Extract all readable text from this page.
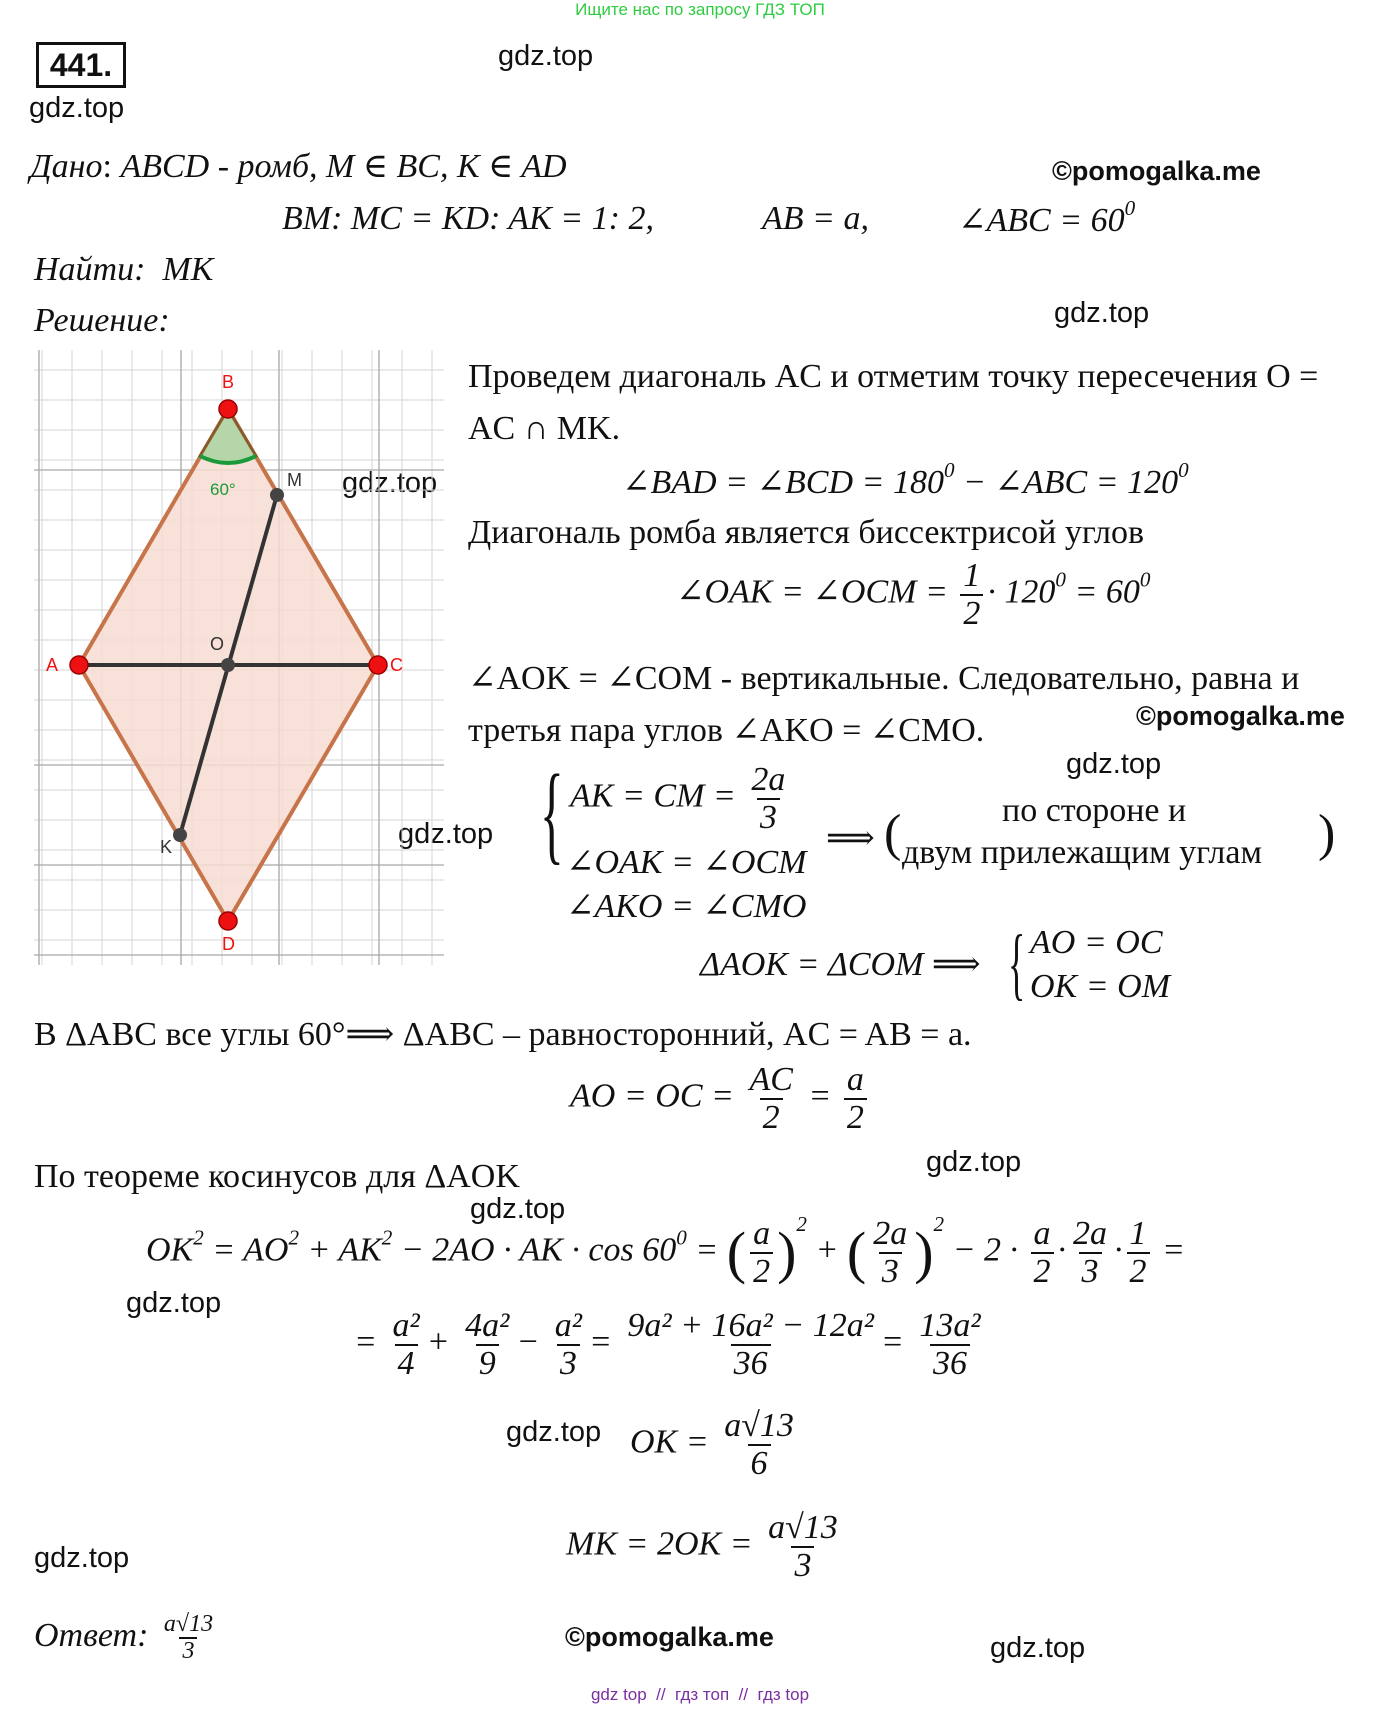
Ищите нас по запросу ГДЗ ТОП
441.	gdz.top
gdz.top
gdz.top
gdz.top
gdz.top
gdz.top
gdz.top
gdz.top
gdz.top
gdz.top
gdz.top
gdz.top
©pomogalka.me
©pomogalka.me
©pomogalka.me
Дано: ABCD - ромб, M ∈ BC, K ∈ AD
BM: MC = KD: AK = 1: 2,	AB = a,	∠ABC = $60^0$
Найти:  MK
Решение:
B
A	C
D
M
K
O
60°
Проведем диагональ AC и отметим точку пересечения O =
AC ∩ MK.
∠BAD = ∠BCD = $180^0$ − ∠ABC = $120^0$
Диагональ ромба является биссектрисой углов
∠OAK = ∠OCM = $\frac{1}{2} \cdot 120^0 = 60^0$
∠AOK = ∠COM - вертикальные. Следовательно, равна и
третья пара углов ∠AKO = ∠CMO.
{ AK = CM = $\frac{2a}{3}$
∠OAK = ∠OCM
∠AKO = ∠CMO
⟹ (	по стороне и
двум прилежащим углам )
ΔAOK = ΔCOM ⟹ { AO = OC
OK = OM
В ΔABC все углы 60°⟹ ΔABC – равносторонний, AC = AB = a.
AO = OC = $\frac{AC}{2} = \frac{a}{2}$
По теореме косинусов для ΔAOK
$OK^2 = AO^2 + AK^2 - 2AO$ · AK · $\cos 60^0$ = ( $\frac{a}{2} )^2$ + ( $\frac{2a}{3} )^2 - 2 \cdot \frac{a}{2} \cdot \frac{2a}{3} \cdot \frac{1}{2}$ =
= $\frac{\text{a²}}{4} + \frac{\text{4a²}}{9} - \frac{\text{a²}}{3} = \frac{\text{9a² + 16a² − 12a²}}{36} = \frac{\text{13a²}}{36}$
OK = $\frac{a√13}{6}$
MK = $2OK = \frac{a√13}{3}$
Ответ: $\frac{a√13}{3}$
gdz top  //  гдз топ  //  гдз top
